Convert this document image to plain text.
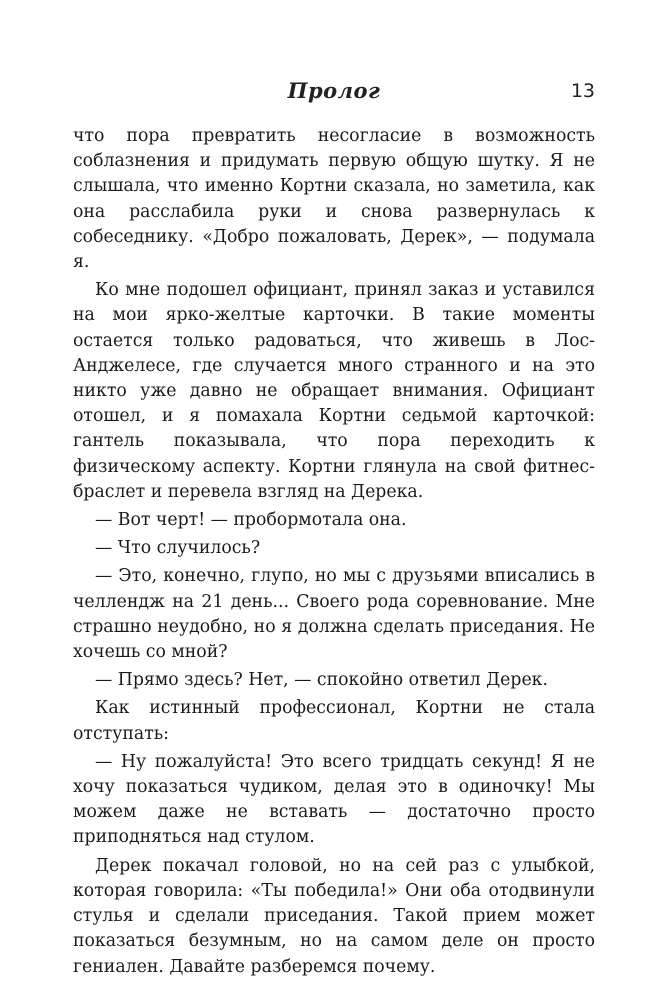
Пролог	13

что пора превратить несогласие в возможность соблазнения и придумать первую общую шутку. Я не слышала, что именно Кортни сказала, но заметила, как она расслабила руки и снова развернулась к собеседнику. «Добро пожаловать, Дерек», — подумала я.

Ко мне подошел официант, принял заказ и уставился на мои ярко-желтые карточки. В такие моменты остается только радоваться, что живешь в Лос-Анджелесе, где случается много странного и на это никто уже давно не обращает внимания. Официант отошел, и я помахала Кортни седьмой карточкой: гантель показывала, что пора переходить к физическому аспекту. Кортни глянула на свой фитнес-браслет и перевела взгляд на Дерека.

— Вот черт! — пробормотала она.

— Что случилось?

— Это, конечно, глупо, но мы с друзьями вписались в челлендж на 21 день... Своего рода соревнование. Мне страшно неудобно, но я должна сделать приседания. Не хочешь со мной?

— Прямо здесь? Нет, — спокойно ответил Дерек.

Как истинный профессионал, Кортни не стала отступать:

— Ну пожалуйста! Это всего тридцать секунд! Я не хочу показаться чудиком, делая это в одиночку! Мы можем даже не вставать — достаточно просто приподняться над стулом.

Дерек покачал головой, но на сей раз с улыбкой, которая говорила: «Ты победила!» Они оба отодвинули стулья и сделали приседания. Такой прием может показаться безумным, но на самом деле он просто гениален. Давайте разберемся почему.
